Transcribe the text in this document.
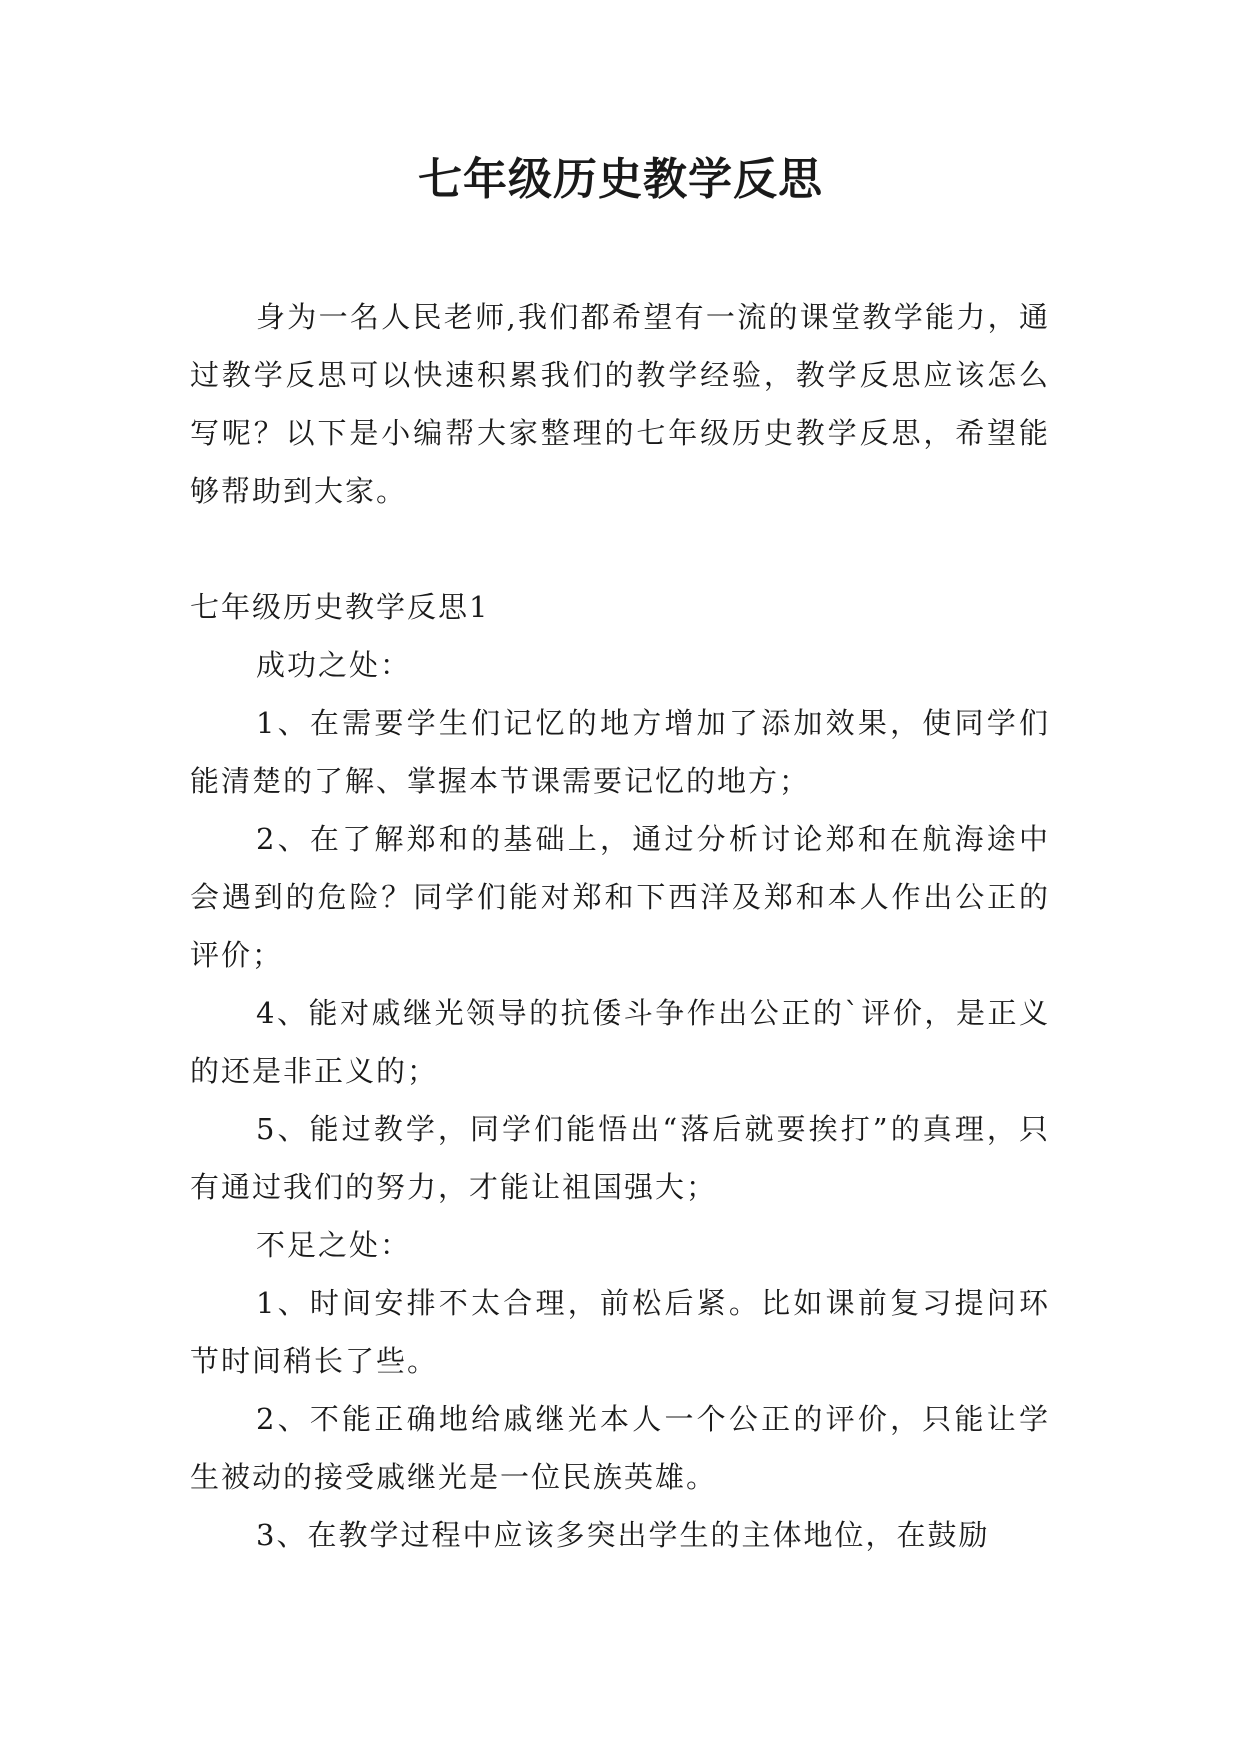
七年级历史教学反思

身为一名人民老师,我们都希望有一流的课堂教学能力，通过教学反思可以快速积累我们的教学经验，教学反思应该怎么写呢？以下是小编帮大家整理的七年级历史教学反思，希望能够帮助到大家。

七年级历史教学反思1

成功之处：

1、在需要学生们记忆的地方增加了添加效果，使同学们能清楚的了解、掌握本节课需要记忆的地方；

2、在了解郑和的基础上，通过分析讨论郑和在航海途中会遇到的危险？同学们能对郑和下西洋及郑和本人作出公正的评价；

4、能对戚继光领导的抗倭斗争作出公正的`评价，是正义的还是非正义的；

5、能过教学，同学们能悟出“落后就要挨打”的真理，只有通过我们的努力，才能让祖国强大；

不足之处：

1、时间安排不太合理，前松后紧。比如课前复习提问环节时间稍长了些。

2、不能正确地给戚继光本人一个公正的评价，只能让学生被动的接受戚继光是一位民族英雄。

3、在教学过程中应该多突出学生的主体地位，在鼓励
